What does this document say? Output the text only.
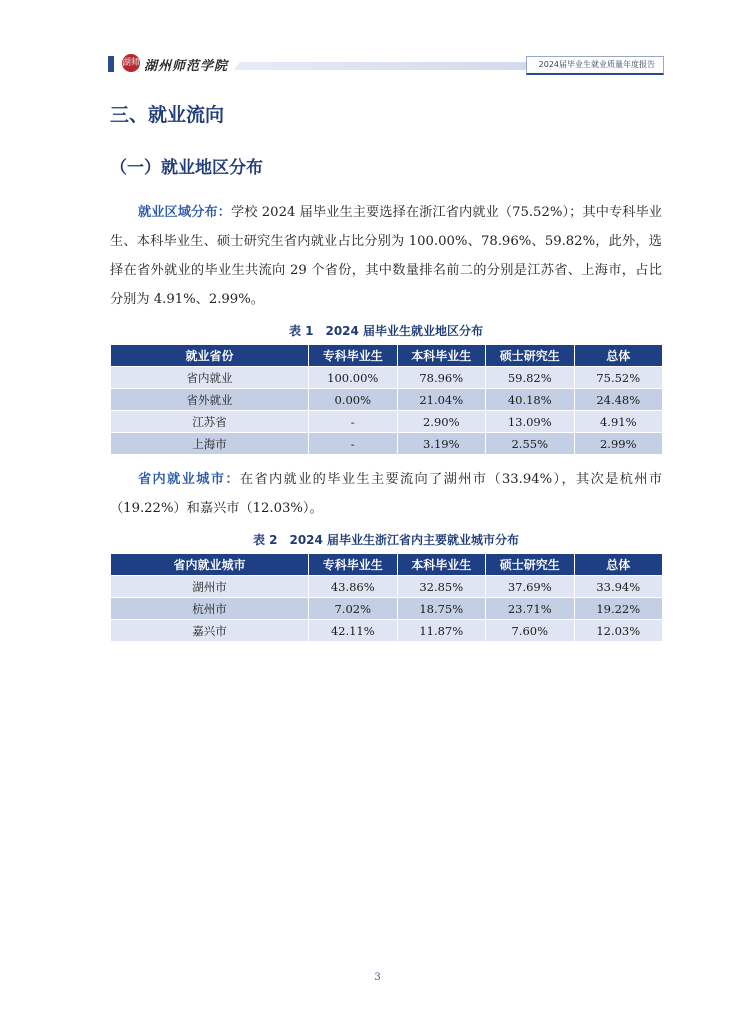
湖师 湖州师范学院	2024届毕业生就业质量年度报告
三、就业流向
（一）就业地区分布

就业区域分布：学校 2024 届毕业生主要选择在浙江省内就业（75.52%）；其中专科毕业生、本科毕业生、硕士研究生省内就业占比分别为 100.00%、78.96%、59.82%，此外，选择在省外就业的毕业生共流向 29 个省份，其中数量排名前二的分别是江苏省、上海市，占比分别为 4.91%、2.99%。

表 1　2024 届毕业生就业地区分布

就业省份	专科毕业生	本科毕业生	硕士研究生	总体
省内就业	100.00%	78.96%	59.82%	75.52%
省外就业	0.00%	21.04%	40.18%	24.48%
江苏省	-	2.90%	13.09%	4.91%
上海市	-	3.19%	2.55%	2.99%

省内就业城市：在省内就业的毕业生主要流向了湖州市（33.94%），其次是杭州市（19.22%）和嘉兴市（12.03%）。

表 2　2024 届毕业生浙江省内主要就业城市分布

省内就业城市	专科毕业生	本科毕业生	硕士研究生	总体
湖州市	43.86%	32.85%	37.69%	33.94%
杭州市	7.02%	18.75%	23.71%	19.22%
嘉兴市	42.11%	11.87%	7.60%	12.03%
3
